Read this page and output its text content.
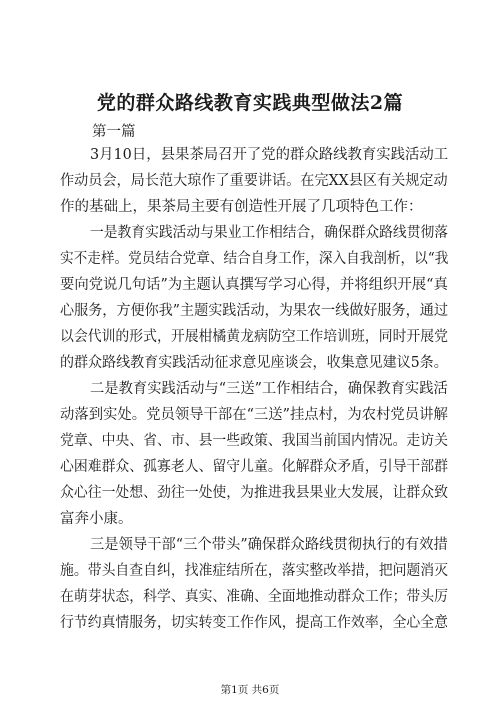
党的群众路线教育实践典型做法2篇
第一篇
3月10日，县果茶局召开了党的群众路线教育实践活动工
作动员会，局长范大琼作了重要讲话。在完XX县区有关规定动
作的基础上，果茶局主要有创造性开展了几项特色工作：
一是教育实践活动与果业工作相结合，确保群众路线贯彻落
实不走样。党员结合党章、结合自身工作，深入自我剖析，以“我
要向党说几句话”为主题认真撰写学习心得，并将组织开展“真
心服务，方便你我”主题实践活动，为果农一线做好服务，通过
以会代训的形式，开展柑橘黄龙病防空工作培训班，同时开展党
的群众路线教育实践活动征求意见座谈会，收集意见建议5条。
二是教育实践活动与“三送”工作相结合，确保教育实践活
动落到实处。党员领导干部在“三送”挂点村，为农村党员讲解
党章、中央、省、市、县一些政策、我国当前国内情况。走访关
心困难群众、孤寡老人、留守儿童。化解群众矛盾，引导干部群
众心往一处想、劲往一处使，为推进我县果业大发展，让群众致
富奔小康。
三是领导干部“三个带头”确保群众路线贯彻执行的有效措
施。带头自查自纠，找准症结所在，落实整改举措，把问题消灭
在萌芽状态，科学、真实、准确、全面地推动群众工作；带头厉
行节约真情服务，切实转变工作作风，提高工作效率，全心全意
第1页 共6页
